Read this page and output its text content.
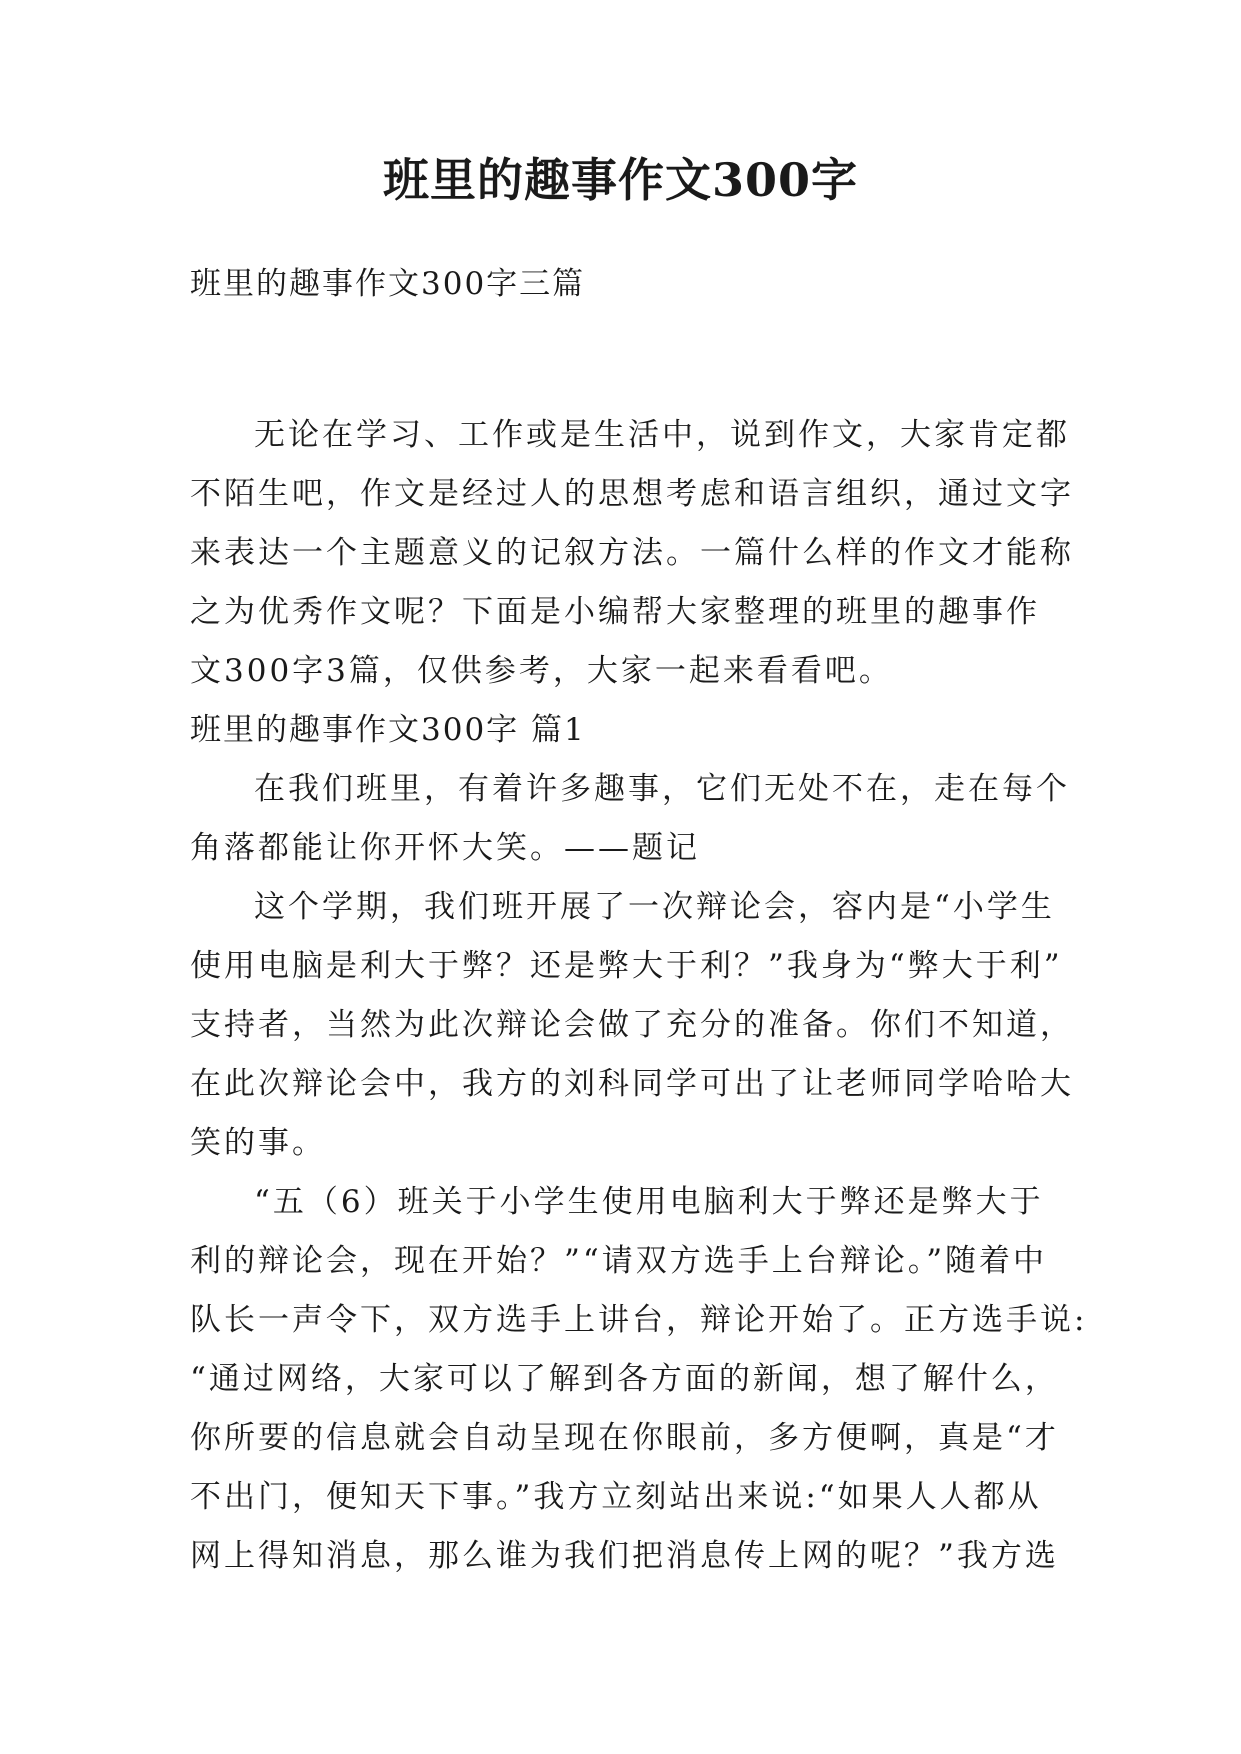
班里的趣事作文300字
班里的趣事作文300字三篇
无论在学习、工作或是生活中，说到作文，大家肯定都
不陌生吧，作文是经过人的思想考虑和语言组织，通过文字
来表达一个主题意义的记叙方法。一篇什么样的作文才能称
之为优秀作文呢？下面是小编帮大家整理的班里的趣事作
文300字3篇，仅供参考，大家一起来看看吧。
班里的趣事作文300字 篇1
在我们班里，有着许多趣事，它们无处不在，走在每个
角落都能让你开怀大笑。——题记
这个学期，我们班开展了一次辩论会，容内是“小学生
使用电脑是利大于弊？还是弊大于利？”我身为“弊大于利”
支持者，当然为此次辩论会做了充分的准备。你们不知道，
在此次辩论会中，我方的刘科同学可出了让老师同学哈哈大
笑的事。
“五（6）班关于小学生使用电脑利大于弊还是弊大于
利的辩论会，现在开始？”“请双方选手上台辩论。”随着中
队长一声令下，双方选手上讲台，辩论开始了。正方选手说:
“通过网络，大家可以了解到各方面的新闻，想了解什么，
你所要的信息就会自动呈现在你眼前，多方便啊，真是“才
不出门，便知天下事。”我方立刻站出来说:“如果人人都从
网上得知消息，那么谁为我们把消息传上网的呢？”我方选
